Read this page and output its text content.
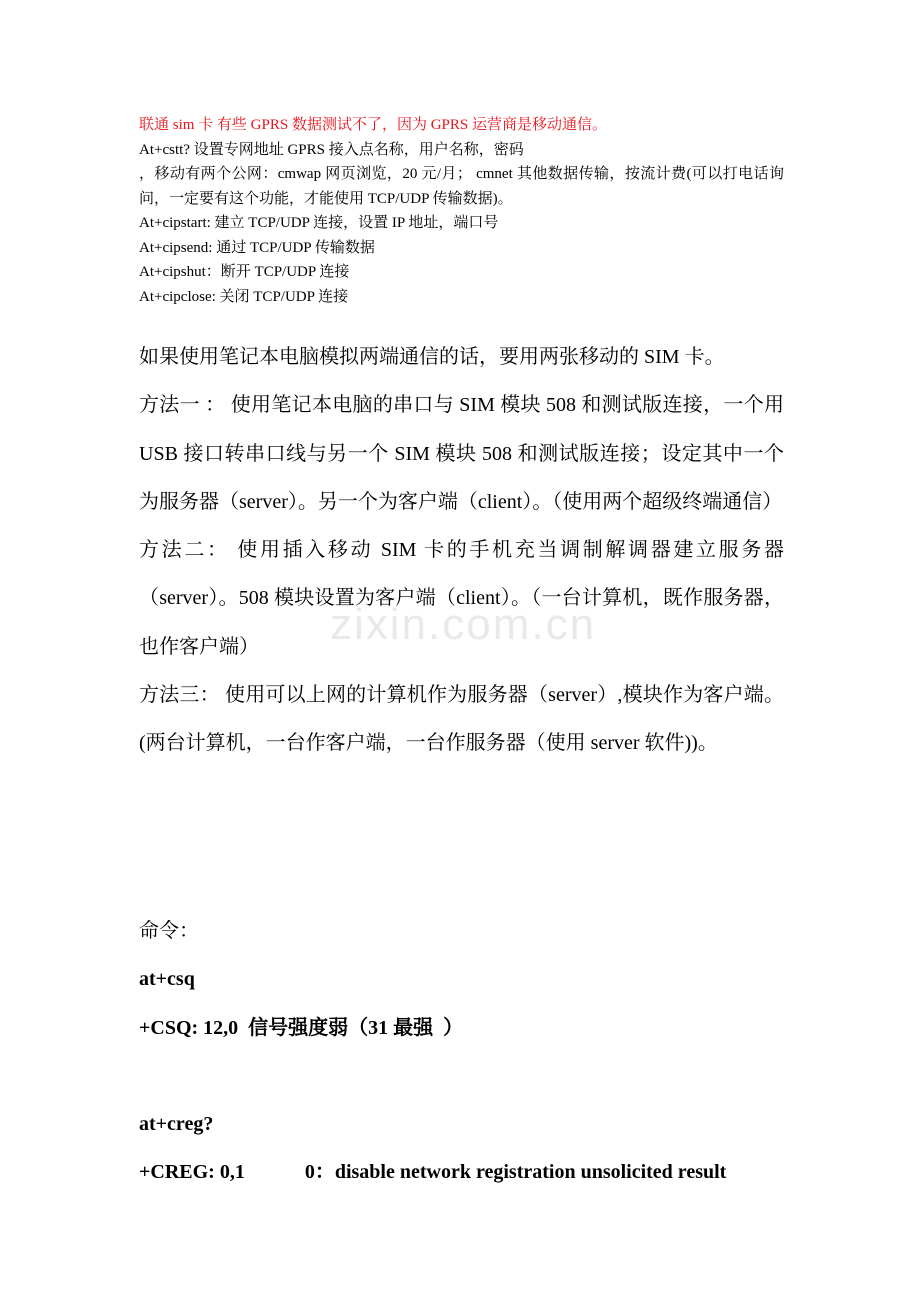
zixin.com.cn

联通 sim 卡 有些 GPRS 数据测试不了，因为 GPRS 运营商是移动通信。

At+cstt? 设置专网地址 GPRS 接入点名称，用户名称，密码

，移动有两个公网：cmwap 网页浏览，20 元/月； cmnet 其他数据传输，按流计费(可以打电话询问，一定要有这个功能，才能使用 TCP/UDP 传输数据)。

At+cipstart: 建立 TCP/UDP 连接，设置 IP 地址，端口号

At+cipsend: 通过 TCP/UDP 传输数据

At+cipshut：断开 TCP/UDP 连接

At+cipclose: 关闭 TCP/UDP 连接

如果使用笔记本电脑模拟两端通信的话，要用两张移动的 SIM 卡。

方法一 ： 使用笔记本电脑的串口与 SIM 模块 508 和测试版连接，一个用 USB 接口转串口线与另一个 SIM 模块 508 和测试版连接；设定其中一个为服务器（server）。另一个为客户端（client）。（使用两个超级终端通信）

方法二： 使用插入移动 SIM 卡的手机充当调制解调器建立服务器（server）。508 模块设置为客户端（client）。（一台计算机，既作服务器，也作客户端）

方法三： 使用可以上网的计算机作为服务器（server）,模块作为客户端。(两台计算机，一台作客户端，一台作服务器（使用 server 软件))。

命令：

at+csq

+CSQ: 12,0  信号强度弱（31 最强  ）

at+creg?

+CREG: 0,1            0：disable network registration unsolicited result
